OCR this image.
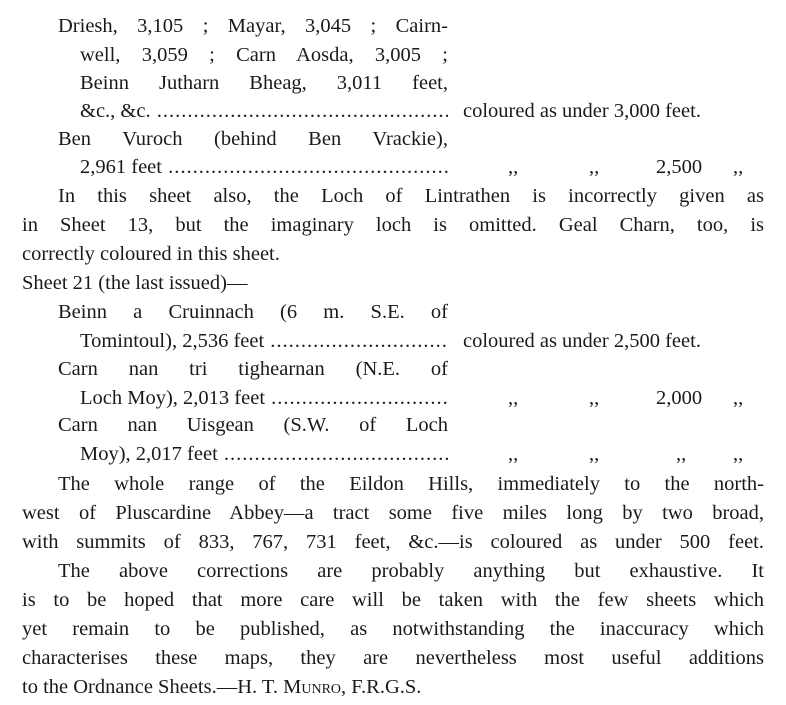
Driesh, 3,105 ; Mayar, 3,045 ; Cairn-
well, 3,059 ; Carn Aosda, 3,005 ;
Beinn Jutharn Bheag, 3,011 feet,
&c., &c. .....	coloured as under 3,000 feet.
Ben Vuroch (behind Ben Vrackie),
2,961 feet .....	,,	,,	2,500 ,,
In this sheet also, the Loch of Lintrathen is incorrectly given as
in Sheet 13, but the imaginary loch is omitted. Geal Charn, too, is
correctly coloured in this sheet.
Sheet 21 (the last issued)—
Beinn a Cruinnach (6 m. S.E. of
Tomintoul), 2,536 feet .....	coloured as under 2,500 feet.
Carn nan tri tighearnan (N.E. of
Loch Moy), 2,013 feet .....	,,	,,	2,000 ,,
Carn nan Uisgean (S.W. of Loch
Moy), 2,017 feet .....	,,	,,	,, ,,
The whole range of the Eildon Hills, immediately to the north-
west of Pluscardine Abbey—a tract some five miles long by two broad,
with summits of 833, 767, 731 feet, &c.—is coloured as under 500 feet.
The above corrections are probably anything but exhaustive. It
is to be hoped that more care will be taken with the few sheets which
yet remain to be published, as notwithstanding the inaccuracy which
characterises these maps, they are nevertheless most useful additions
to the Ordnance Sheets.—H. T. Munro, F.R.G.S.
